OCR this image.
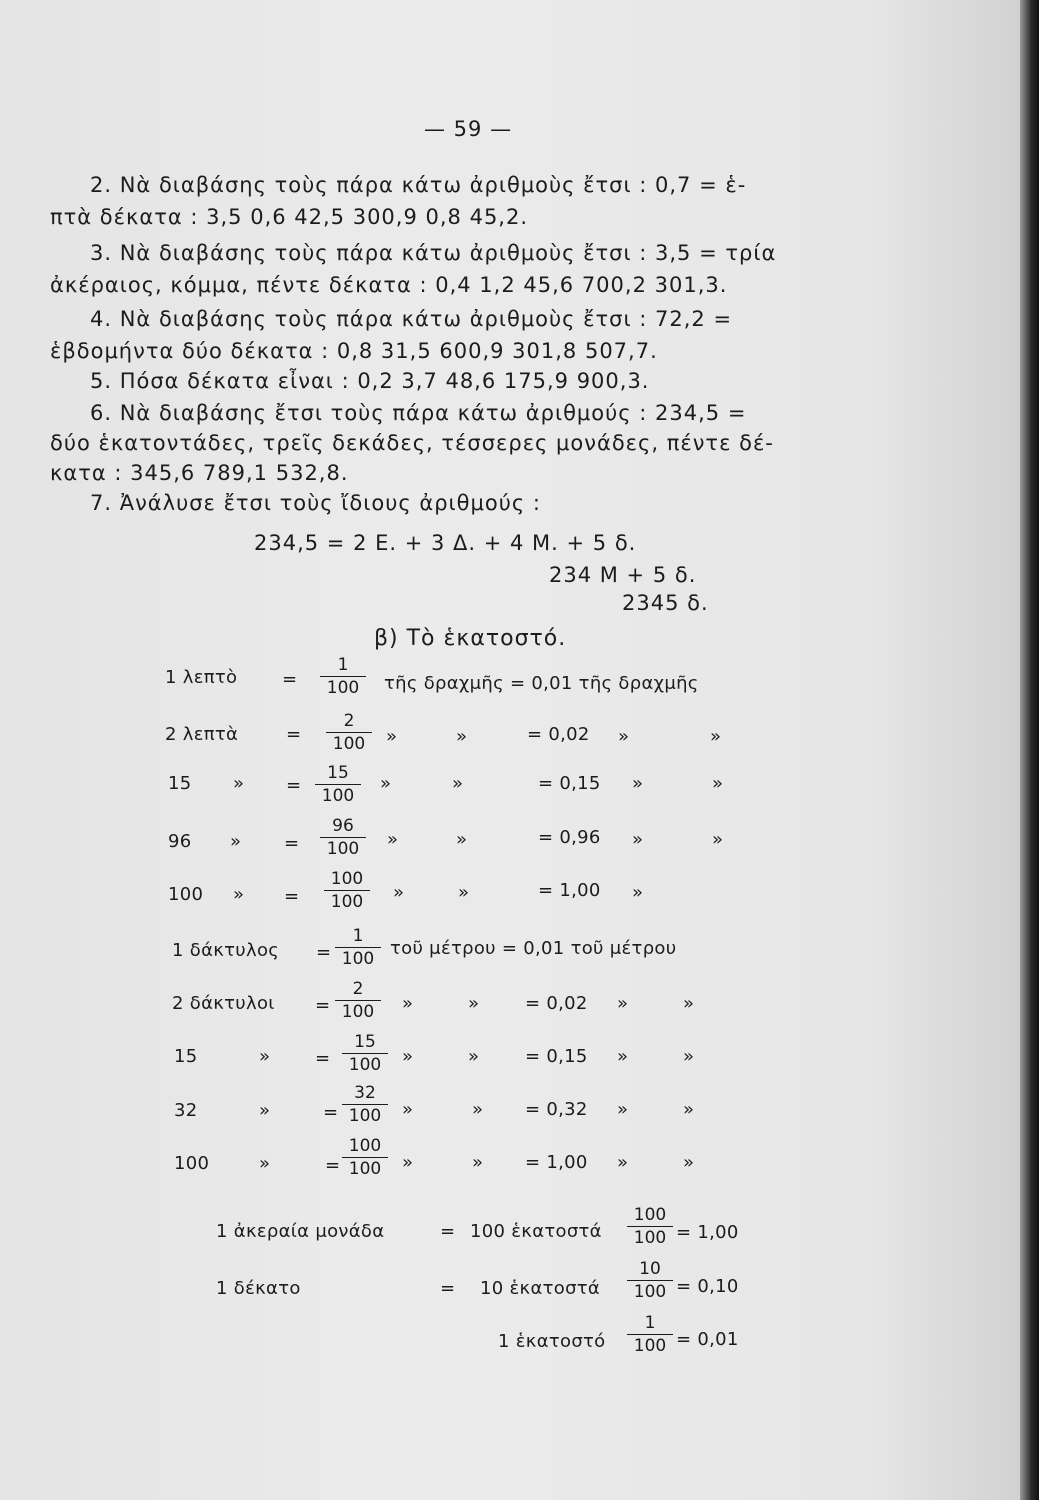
— 59 —
2. Νὰ διαβάσης τοὺς πάρα κάτω ἀριθμοὺς ἔτσι : 0,7 = ἑ-
πτὰ δέκατα : 3,5 0,6 42,5 300,9 0,8 45,2.
3. Νὰ διαβάσης τοὺς πάρα κάτω ἀριθμοὺς ἔτσι : 3,5 = τρία
ἀκέραιος, κόμμα, πέντε δέκατα : 0,4 1,2 45,6 700,2 301,3.
4. Νὰ διαβάσης τοὺς πάρα κάτω ἀριθμοὺς ἔτσι : 72,2 =
ἑβδομήντα δύο δέκατα : 0,8 31,5 600,9 301,8 507,7.
5. Πόσα δέκατα εἶναι : 0,2 3,7 48,6 175,9 900,3.
6. Νὰ διαβάσης ἔτσι τοὺς πάρα κάτω ἀριθμούς : 234,5 =
δύο ἑκατοντάδες, τρεῖς δεκάδες, τέσσερες μονάδες, πέντε δέ-
κατα : 345,6 789,1 532,8.
7. Ἀνάλυσε ἔτσι τοὺς ἴδιους ἀριθμούς :
234,5 = 2 Ε. + 3 Δ. + 4 Μ. + 5 δ.
234 Μ + 5 δ.
2345 δ.
β) Τὸ ἑκατοστό.
1 λεπτὸ = $\frac{1}{100}$ τῆς δραχμῆς = 0,01 τῆς δραχμῆς
2 λεπτὰ	= $\frac{2}{100}$ »	»	= 0,02 »	»
15 » = $\frac{15}{100}$ »	»	= 0,15 »	»
96 » = $\frac{96}{100}$ »	»	= 0,96 »	»
100 » = $\frac{100}{100}$ »	»	= 1,00 »
1 $\delta ά\kappa\tau\upsilon\lambda o\varsigma = \frac{1}{100}$ τοῦ μέτρου = 0,01 τοῦ μέτρου
2 $\delta ά\kappa\tau\upsilon\lambda o\iota = \frac{2}{100}$ »	»	= 0,02 »	»
15	» = $\frac{15}{100}$ »	»	= 0,15 »	»
32	»	= $\frac{32}{100}$ »	» = 0,32 »	»
100	»	= $\frac{100}{100}$ »	» = 1,00 »	»
1 ἀκεραία μονάδα	= 100 ἑκατοστά $\frac{100}{100} = 1,00$
1 δέκατο	= 10 ἑκατοστά $\frac{10}{100} = 0,10$
1 ἑκατοστό $\frac{1}{100} = 0,01$
